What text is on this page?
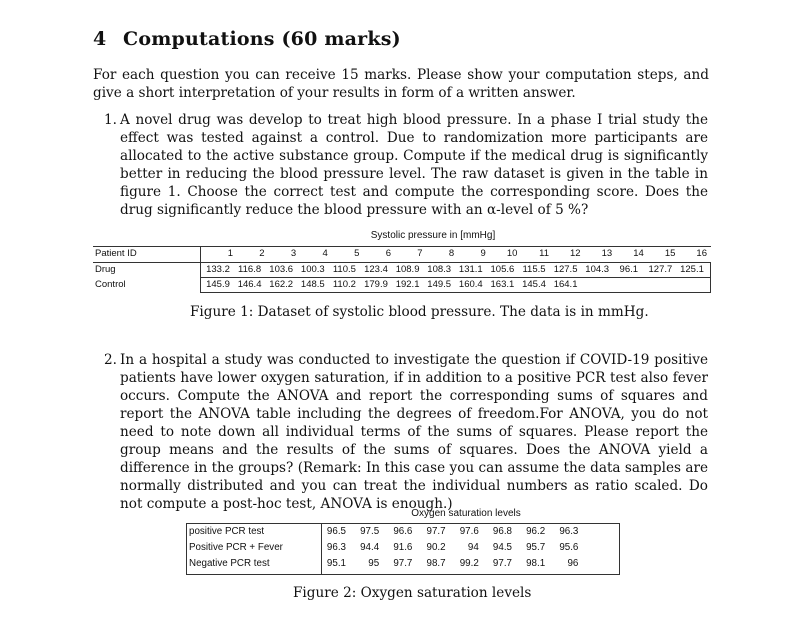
4 Computations (60 marks)

For each question you can receive 15 marks. Please show your computation steps, and give a short interpretation of your results in form of a written answer.

1. A novel drug was develop to treat high blood pressure. In a phase I trial study the effect was tested against a control. Due to randomization more participants are allocated to the active substance group. Compute if the medical drug is significantly better in reducing the blood pressure level. The raw dataset is given in the table in figure 1. Choose the correct test and compute the corresponding score. Does the drug significantly reduce the blood pressure with an α-level of 5 %?

Systolic pressure in [mmHg]
Patient ID	1	2	3	4	5	6	7	8	9	10	11	12	13	14	15	16
Drug	133.2 116.8 103.6 100.3 110.5 123.4 108.9 108.3 131.1 105.6 115.5 127.5 104.3	96.1	127.7 125.1
Control	145.9 146.4 162.2 148.5 110.2 179.9 192.1 149.5 160.4 163.1 145.4 164.1
Figure 1: Dataset of systolic blood pressure. The data is in mmHg.
2. In a hospital a study was conducted to investigate the question if COVID-19 positive patients have lower oxygen saturation, if in addition to a positive PCR test also fever occurs. Compute the ANOVA and report the corresponding sums of squares and report the ANOVA table including the degrees of freedom.For ANOVA, you do not need to note down all individual terms of the sums of squares. Please report the group means and the results of the sums of squares. Does the ANOVA yield a difference in the groups? (Remark: In this case you can assume the data samples are normally distributed and you can treat the individual numbers as ratio scaled. Do not compute a post-hoc test, ANOVA is enough.)

Oxygen saturation levels
positive PCR test	96.5	97.5	96.6	97.7	97.6	96.8	96.2	96.3
Positive PCR + Fever	96.3	94.4	91.6	90.2	94	94.5	95.7	95.6
Negative PCR test	95.1	95	97.7	98.7	99.2	97.7	98.1	96
Figure 2: Oxygen saturation levels
